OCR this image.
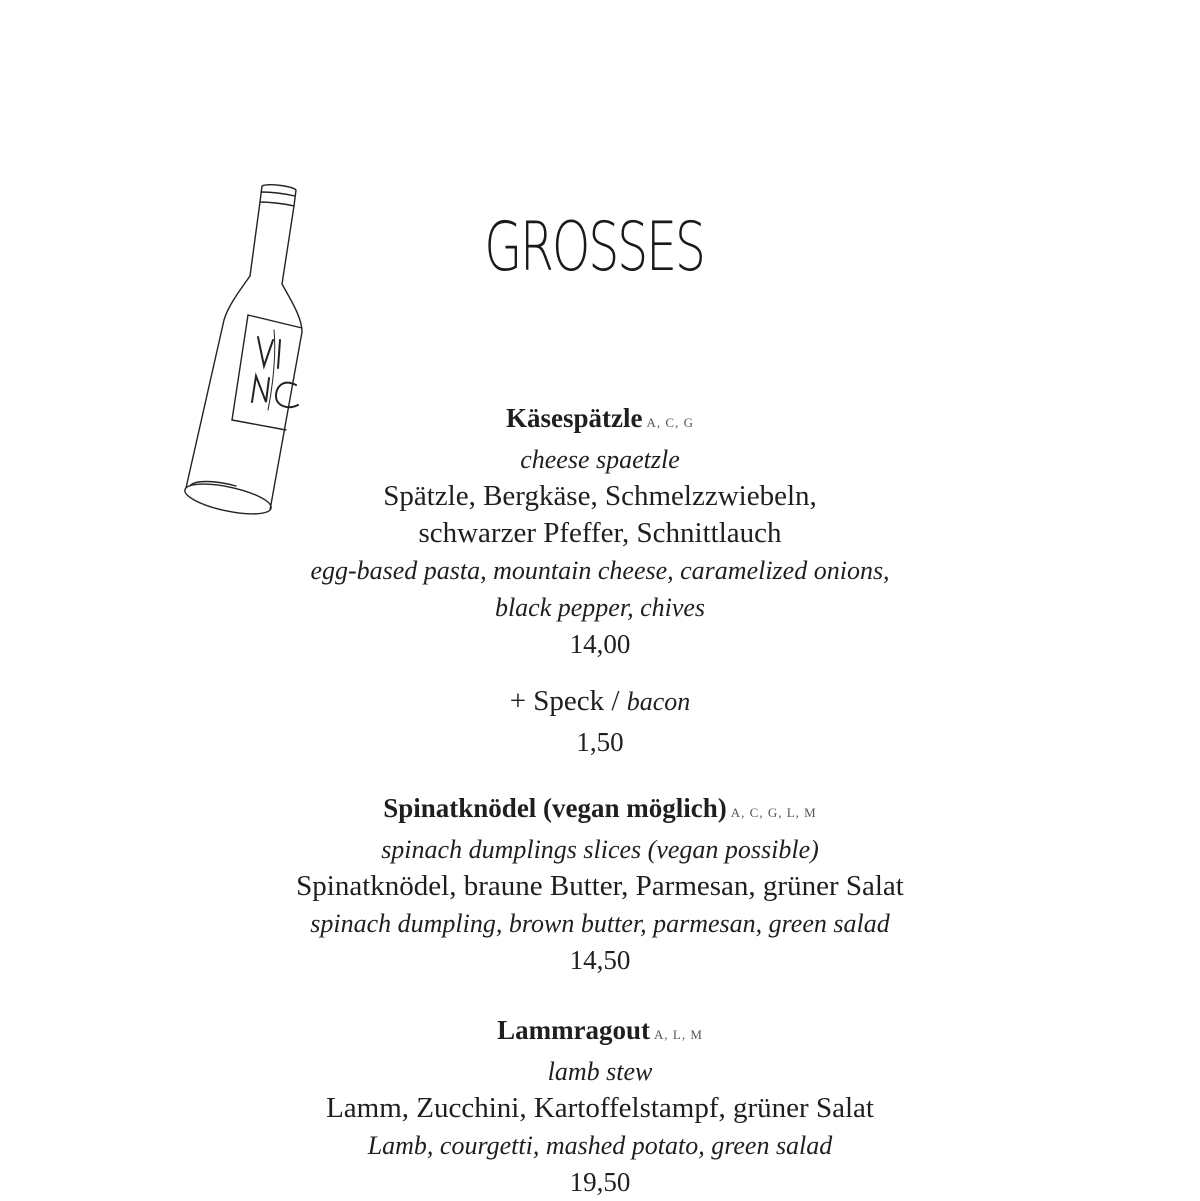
GROSSES
Käsespätzle A, C, G
cheese spaetzle
Spätzle, Bergkäse, Schmelzzwiebeln,
schwarzer Pfeffer, Schnittlauch
egg-based pasta, mountain cheese, caramelized onions,
black pepper, chives
14,00
+ Speck / bacon
1,50
Spinatknödel (vegan möglich) A, C, G, L, M
spinach dumplings slices (vegan possible)
Spinatknödel, braune Butter, Parmesan, grüner Salat
spinach dumpling, brown butter, parmesan, green salad
14,50
Lammragout A, L, M
lamb stew
Lamm, Zucchini, Kartoffelstampf, grüner Salat
Lamb, courgetti, mashed potato, green salad
19,50
